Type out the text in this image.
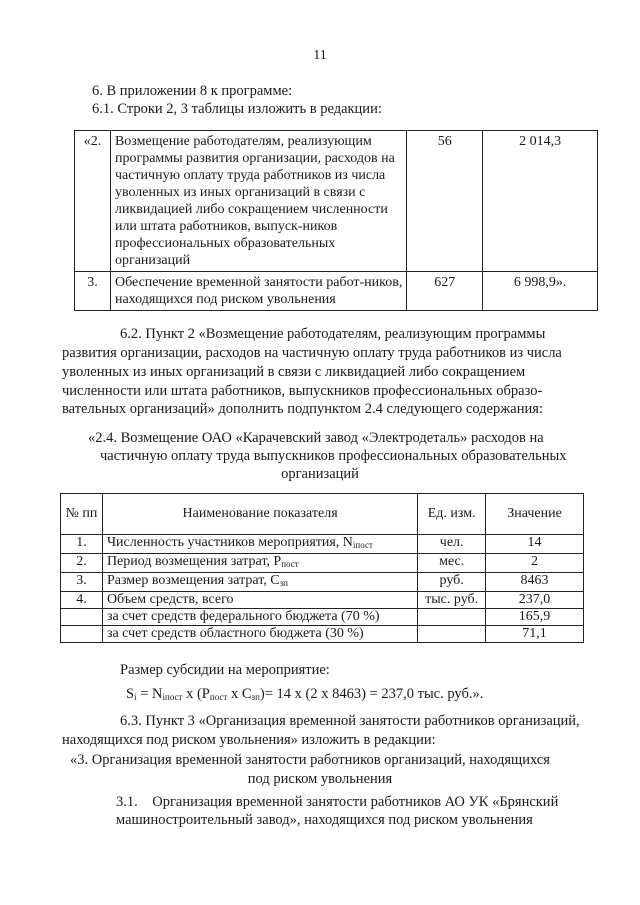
11
6. В приложении 8 к программе:
6.1. Строки 2, 3 таблицы изложить в редакции:
«2.	Возмещение работодателям, реализующим программы развития организации, расходов на частичную оплату труда работников из числа уволенных из иных организаций в связи с ликвидацией либо сокращением численности или штата работников, выпуск-ников профессиональных образовательных организаций	56	2 014,3
3.	Обеспечение временной занятости работ-ников, находящихся под риском увольнения	627	6 998,9».
6.2. Пункт 2 «Возмещение работодателям, реализующим программы
развития организации, расходов на частичную оплату труда работников из числа
уволенных из иных организаций в связи с ликвидацией либо сокращением
численности или штата работников, выпускников профессиональных образо-
вательных организаций» дополнить подпунктом 2.4 следующего содержания:
«2.4. Возмещение ОАО «Карачевский завод «Электродеталь» расходов на
частичную оплату труда выпускников профессиональных образовательных
организаций
№ пп	Наименование показателя	Ед. изм.	Значение
1.	Численность участников мероприятия, $N_{iпост}$	чел.	14
2.	Период возмещения затрат, $P_{пост}$	мес.	2
3.	Размер возмещения затрат, $C_{зп}$	руб.	8463
4.	Объем средств, всего	тыс. руб.	237,0
	за счет средств федерального бюджета (70 %)		165,9
	за счет средств областного бюджета (30 %)		71,1
Размер субсидии на мероприятие:
$S_i = N_{iпост}$ x ($P_{пост}$ x $C_{зп})= 14$ x (2 x 8463) = 237,0 тыс. руб.».
6.3. Пункт 3 «Организация временной занятости работников организаций,
находящихся под риском увольнения» изложить в редакции:
«3. Организация временной занятости работников организаций, находящихся
под риском увольнения
3.1.    Организация временной занятости работников АО УК «Брянский
машиностроительный завод», находящихся под риском увольнения
